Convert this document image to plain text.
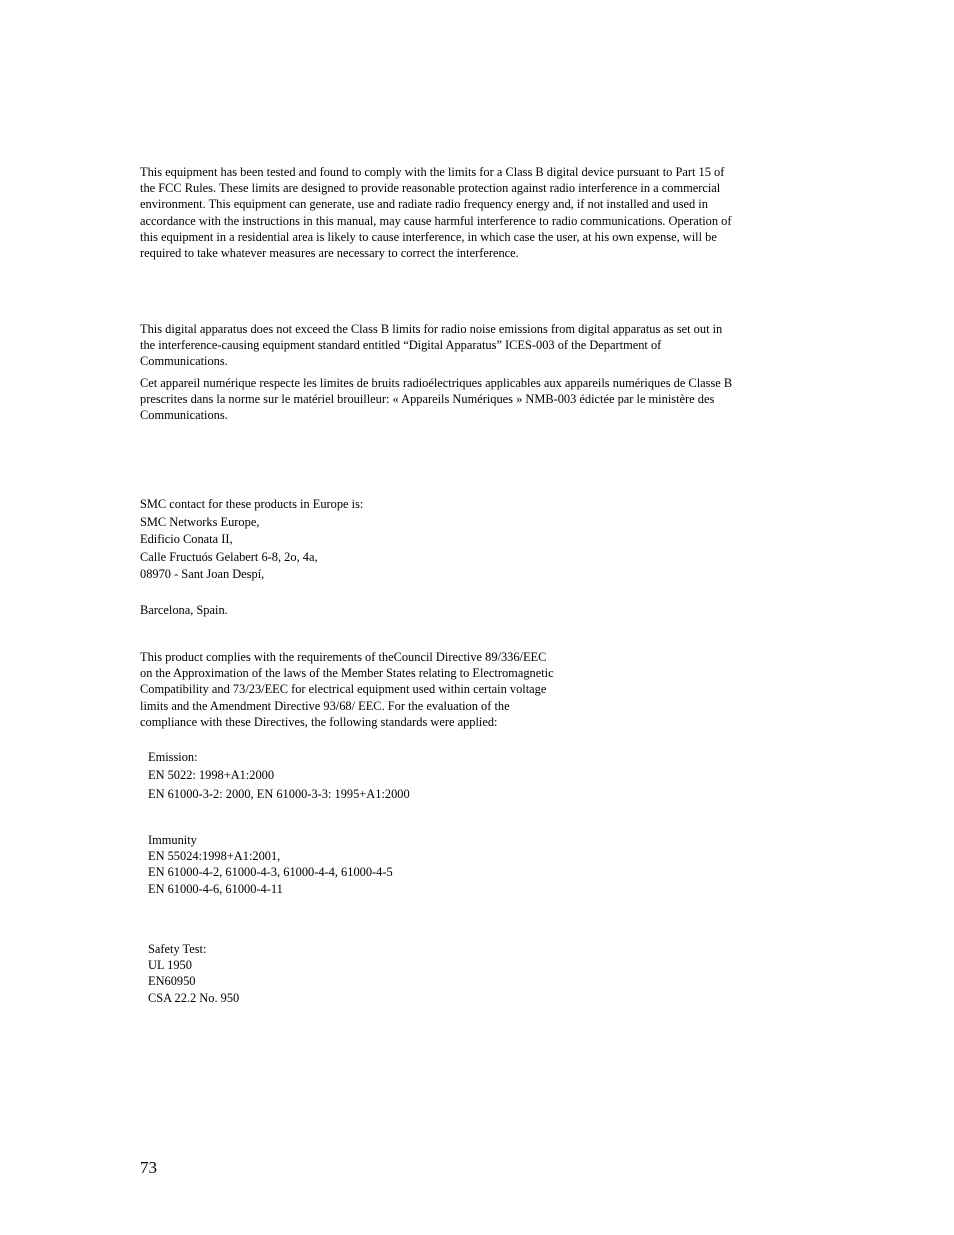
This equipment has been tested and found to comply with the limits for a Class B digital device pursuant to Part 15 of
the FCC Rules. These limits are designed to provide reasonable protection against radio interference in a commercial
environment. This equipment can generate, use and radiate radio frequency energy and, if not installed and used in
accordance with the instructions in this manual, may cause harmful interference to radio communications. Operation of
this equipment in a residential area is likely to cause interference, in which case the user, at his own expense, will be
required to take whatever measures are necessary to correct the interference.
This digital apparatus does not exceed the Class B limits for radio noise emissions from digital apparatus as set out in
the interference-causing equipment standard entitled “Digital Apparatus” ICES-003 of the Department of
Communications.
Cet appareil numérique respecte les limites de bruits radioélectriques applicables aux appareils numériques de Classe B
prescrites dans la norme sur le matériel brouilleur: « Appareils Numériques » NMB-003 édictée par le ministère des
Communications.
SMC contact for these products in Europe is:
SMC Networks Europe,
Edificio Conata II,
Calle Fructuós Gelabert 6-8, 2o, 4a,
08970 - Sant Joan Despí,
Barcelona, Spain.
This product complies with the requirements of theCouncil Directive 89/336/EEC
on the Approximation of the laws of the Member States relating to Electromagnetic
Compatibility and 73/23/EEC for electrical equipment used within certain voltage
limits and the Amendment Directive 93/68/ EEC. For the evaluation of the
compliance with these Directives, the following standards were applied:
Emission:
EN 5022: 1998+A1:2000
EN 61000-3-2: 2000, EN 61000-3-3: 1995+A1:2000
Immunity
EN 55024:1998+A1:2001,
EN 61000-4-2, 61000-4-3, 61000-4-4, 61000-4-5
EN 61000-4-6, 61000-4-11
Safety Test:
UL 1950
EN60950
CSA 22.2 No. 950
73
